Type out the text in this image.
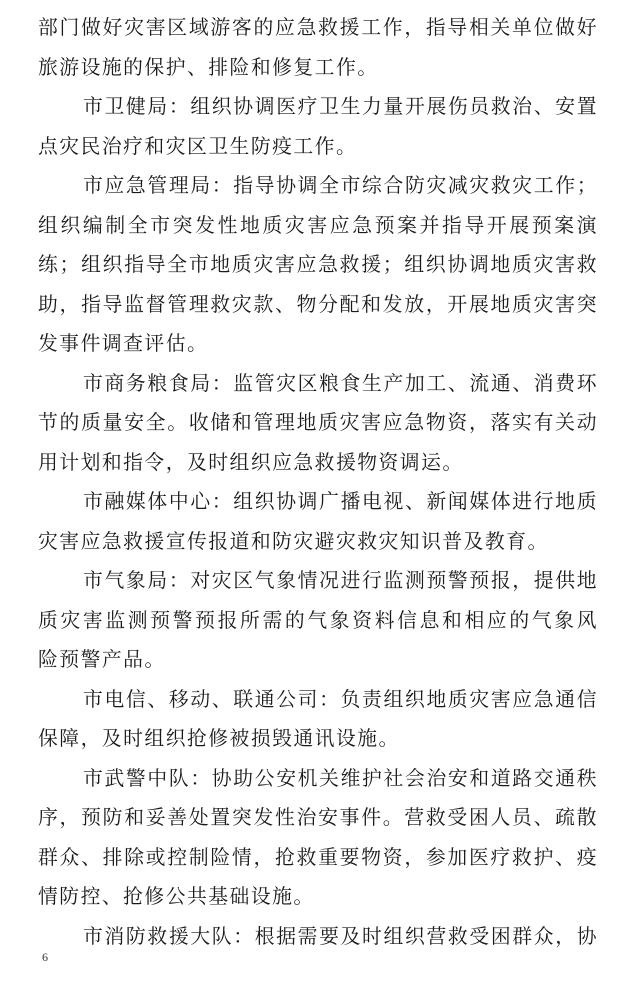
部门做好灾害区域游客的应急救援工作，指导相关单位做好
旅游设施的保护、排险和修复工作。
市卫健局：组织协调医疗卫生力量开展伤员救治、安置
点灾民治疗和灾区卫生防疫工作。
市应急管理局：指导协调全市综合防灾减灾救灾工作；
组织编制全市突发性地质灾害应急预案并指导开展预案演
练；组织指导全市地质灾害应急救援；组织协调地质灾害救
助，指导监督管理救灾款、物分配和发放，开展地质灾害突
发事件调查评估。
市商务粮食局：监管灾区粮食生产加工、流通、消费环
节的质量安全。收储和管理地质灾害应急物资，落实有关动
用计划和指令，及时组织应急救援物资调运。
市融媒体中心：组织协调广播电视、新闻媒体进行地质
灾害应急救援宣传报道和防灾避灾救灾知识普及教育。
市气象局：对灾区气象情况进行监测预警预报，提供地
质灾害监测预警预报所需的气象资料信息和相应的气象风
险预警产品。
市电信、移动、联通公司：负责组织地质灾害应急通信
保障，及时组织抢修被损毁通讯设施。
市武警中队：协助公安机关维护社会治安和道路交通秩
序，预防和妥善处置突发性治安事件。营救受困人员、疏散
群众、排除或控制险情，抢救重要物资，参加医疗救护、疫
情防控、抢修公共基础设施。
市消防救援大队：根据需要及时组织营救受困群众，协
6
